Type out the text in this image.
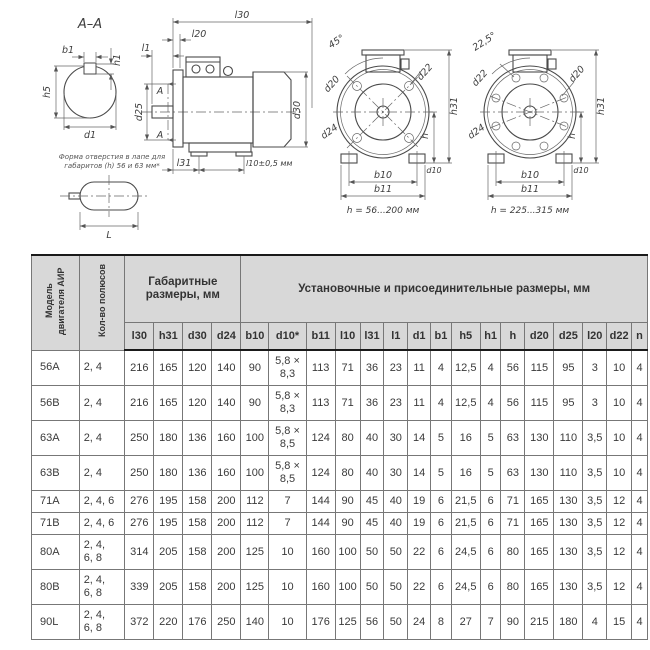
А–А
b1
h1
h5
d1
Форма отверстия в лапе для
габаритов (h) 56 и 63 мм*
L
l30
l20
l1
А
А
d25	d30
l31	l10±0,5 мм
45°
d20
d24
d22
h31
h
d10
b10
b11
h = 56...200 мм
22,5°
d22
d24
d20
h31
h
d10
b10
b11
h = 225...315 мм
Модель двигателя АИР	Кол-во полюсов	Габаритные размеры, мм				Установочные и присоединительные размеры, мм															
		l30	h31	d30	d24	b10	d10*	b11	l10	l31	l1	d1	b1	h5	h1	h	d20	d25	l20	d22	n
56A	2, 4	216	165	120	140	90	5,8 × 8,3	113	71	36	23	11	4	12,5	4	56	115	95	3	10	4
56B	2, 4	216	165	120	140	90	5,8 × 8,3	113	71	36	23	11	4	12,5	4	56	115	95	3	10	4
63A	2, 4	250	180	136	160	100	5,8 × 8,5	124	80	40	30	14	5	16	5	63	130	110	3,5	10	4
63B	2, 4	250	180	136	160	100	5,8 × 8,5	124	80	40	30	14	5	16	5	63	130	110	3,5	10	4
71A	2, 4, 6	276	195	158	200	112	7	144	90	45	40	19	6	21,5	6	71	165	130	3,5	12	4
71B	2, 4, 6	276	195	158	200	112	7	144	90	45	40	19	6	21,5	6	71	165	130	3,5	12	4
80A	2, 4, 6, 8	314	205	158	200	125	10	160	100	50	50	22	6	24,5	6	80	165	130	3,5	12	4
80B	2, 4, 6, 8	339	205	158	200	125	10	160	100	50	50	22	6	24,5	6	80	165	130	3,5	12	4
90L	2, 4, 6, 8	372	220	176	250	140	10	176	125	56	50	24	8	27	7	90	215	180	4	15	4
